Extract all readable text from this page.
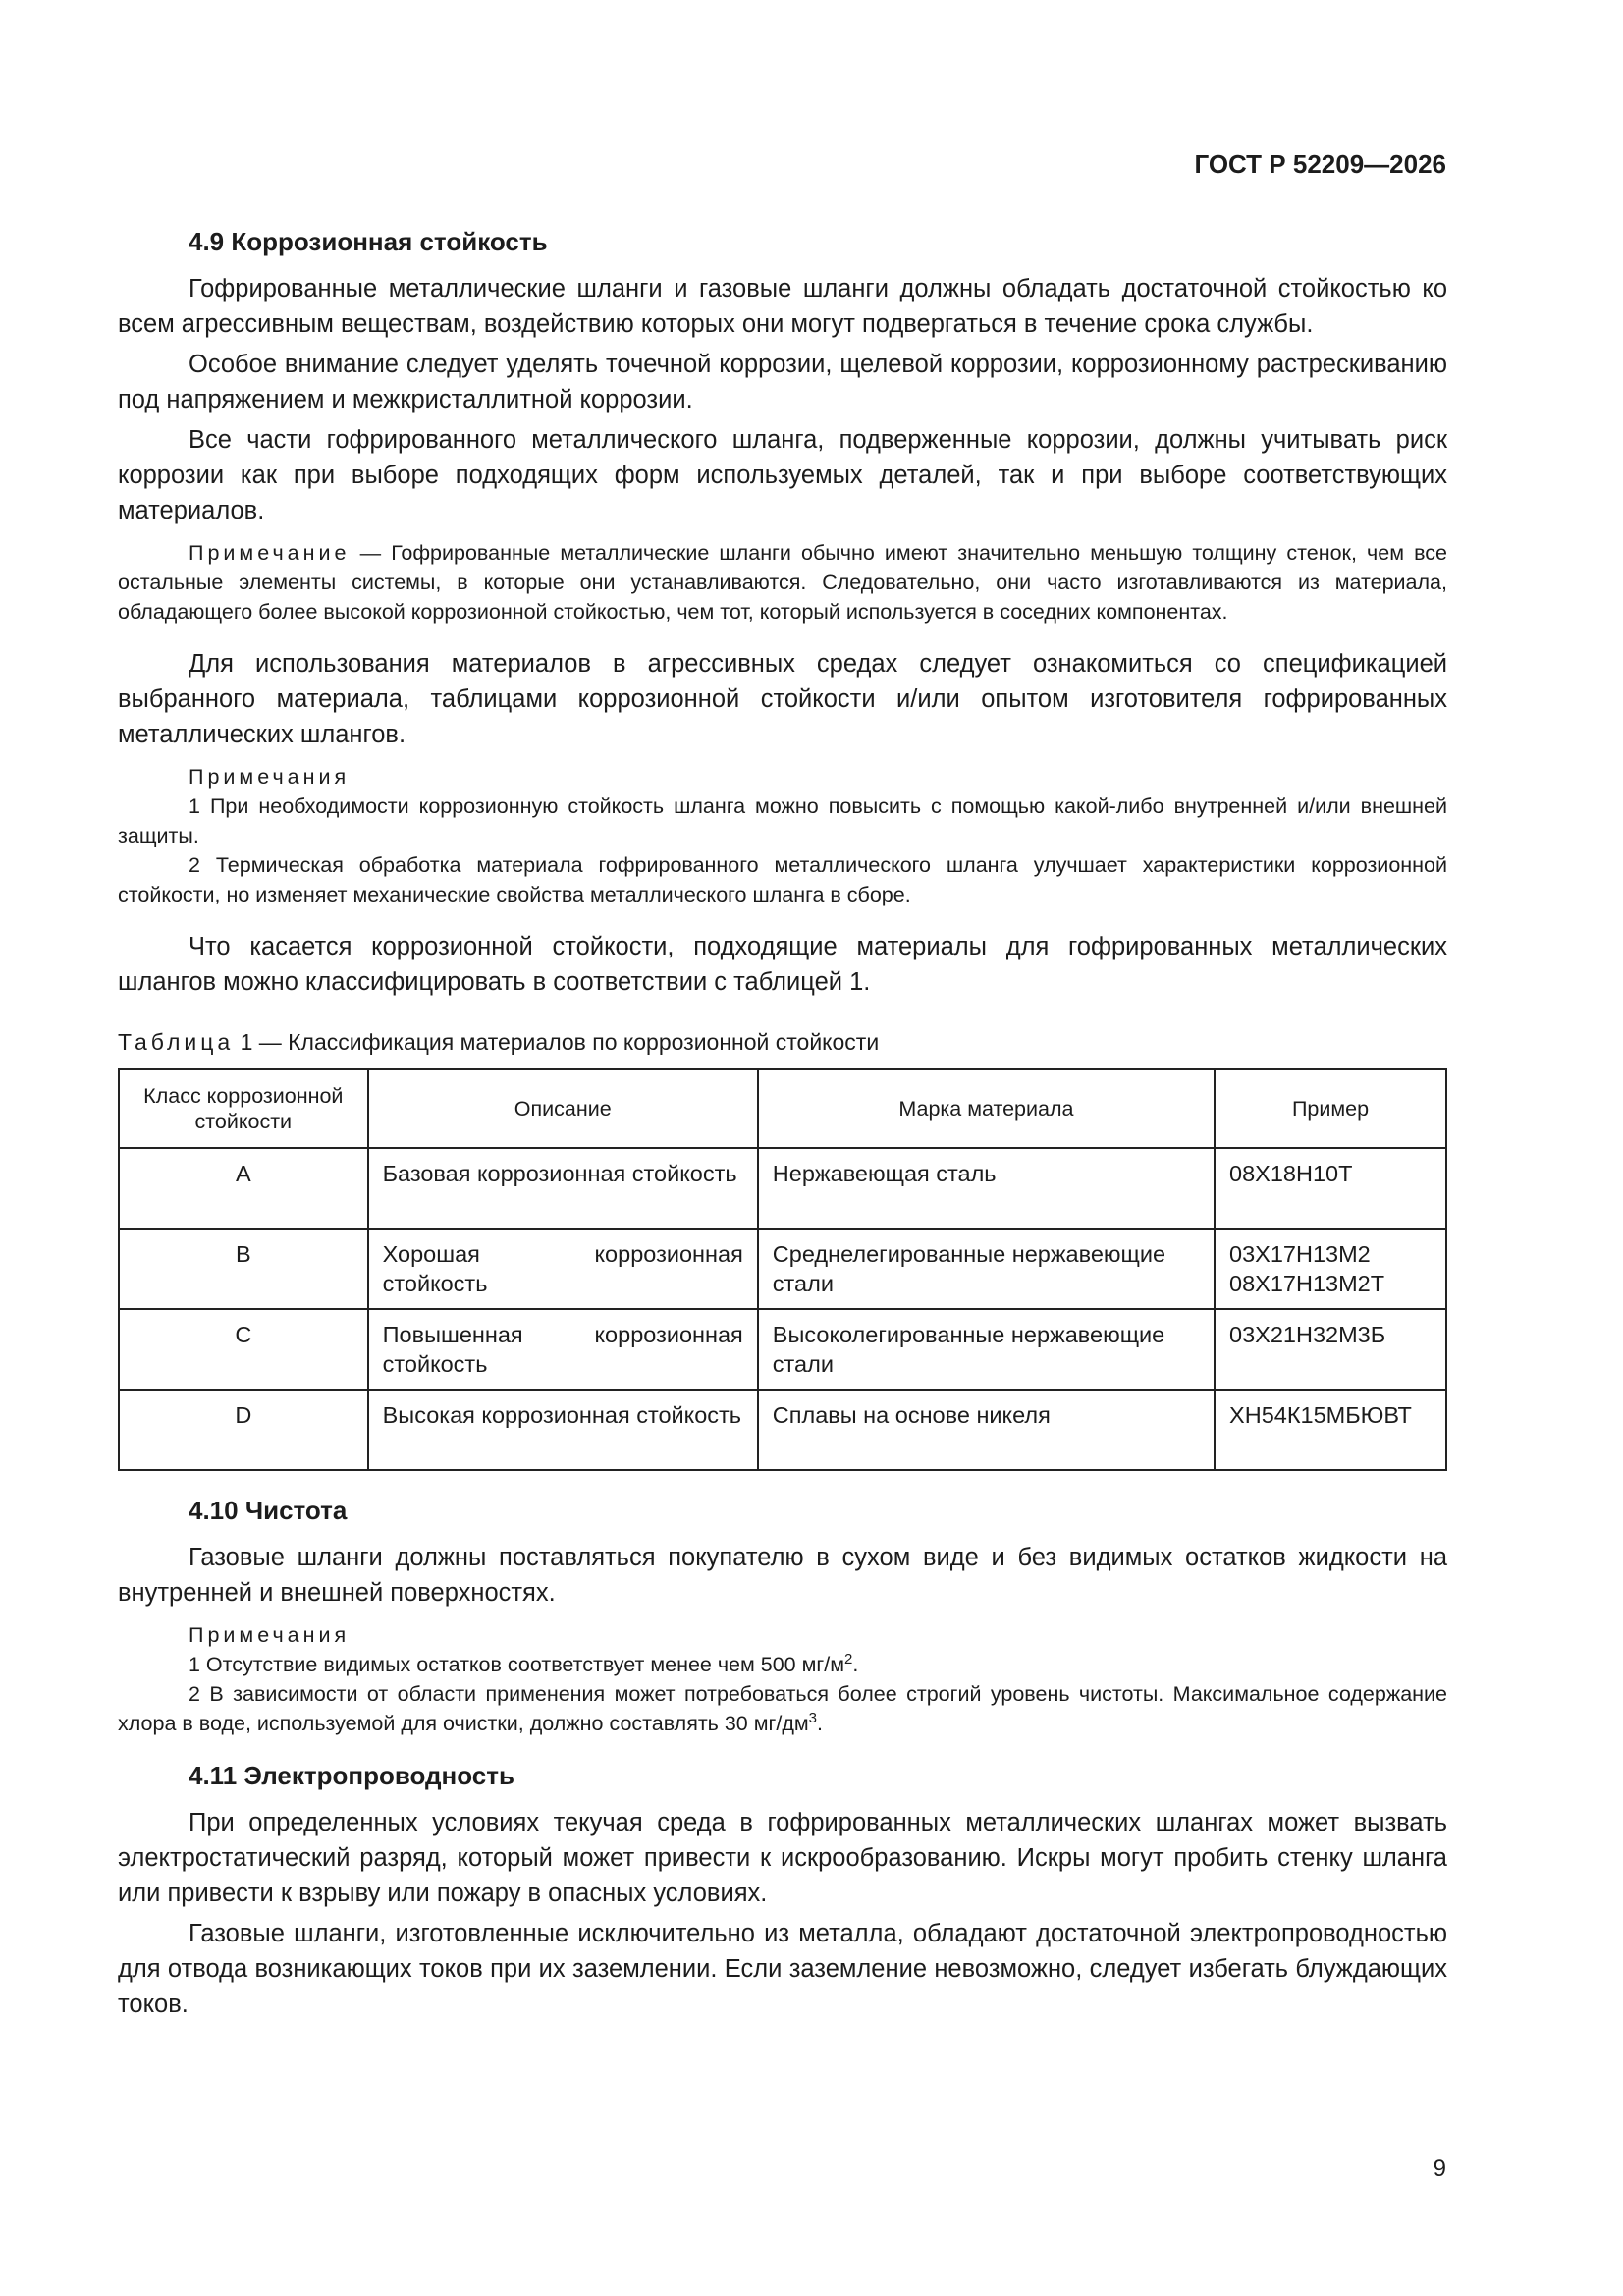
ГОСТ Р 52209—2026
4.9 Коррозионная стойкость

Гофрированные металлические шланги и газовые шланги должны обладать достаточной стойкостью ко всем агрессивным веществам, воздействию которых они могут подвергаться в течение срока службы.

Особое внимание следует уделять точечной коррозии, щелевой коррозии, коррозионному растрескиванию под напряжением и межкристаллитной коррозии.

Все части гофрированного металлического шланга, подверженные коррозии, должны учитывать риск коррозии как при выборе подходящих форм используемых деталей, так и при выборе соответствующих материалов.

Примечание — Гофрированные металлические шланги обычно имеют значительно меньшую толщину стенок, чем все остальные элементы системы, в которые они устанавливаются. Следовательно, они часто изготавливаются из материала, обладающего более высокой коррозионной стойкостью, чем тот, который используется в соседних компонентах.

Для использования материалов в агрессивных средах следует ознакомиться со спецификацией выбранного материала, таблицами коррозионной стойкости и/или опытом изготовителя гофрированных металлических шлангов.

Примечания

1 При необходимости коррозионную стойкость шланга можно повысить с помощью какой-либо внутренней и/или внешней защиты.

2 Термическая обработка материала гофрированного металлического шланга улучшает характеристики коррозионной стойкости, но изменяет механические свойства металлического шланга в сборе.

Что касается коррозионной стойкости, подходящие материалы для гофрированных металлических шлангов можно классифицировать в соответствии с таблицей 1.

Таблица 1 — Классификация материалов по коррозионной стойкости
Класс коррозионной стойкости	Описание	Марка материала	Пример
A	Базовая коррозионная стойкость	Нержавеющая сталь	08Х18Н10Т
B	Хорошая коррозионная стойкость	Среднелегированные нержавеющие стали	03Х17Н13М2
08Х17Н13М2Т
C	Повышенная коррозионная стойкость	Высоколегированные нержавеющие стали	03Х21Н32М3Б
D	Высокая коррозионная стойкость	Сплавы на основе никеля	ХН54К15МБЮВТ
4.10 Чистота

Газовые шланги должны поставляться покупателю в сухом виде и без видимых остатков жидкости на внутренней и внешней поверхностях.

Примечания

1 Отсутствие видимых остатков соответствует менее чем 500 $мг/м^2$.

2 В зависимости от области применения может потребоваться более строгий уровень чистоты. Максимальное содержание хлора в воде, используемой для очистки, должно составлять 30 $мг/дм^3$.

4.11 Электропроводность

При определенных условиях текучая среда в гофрированных металлических шлангах может вызвать электростатический разряд, который может привести к искрообразованию. Искры могут пробить стенку шланга или привести к взрыву или пожару в опасных условиях.

Газовые шланги, изготовленные исключительно из металла, обладают достаточной электропроводностью для отвода возникающих токов при их заземлении. Если заземление невозможно, следует избегать блуждающих токов.

9
